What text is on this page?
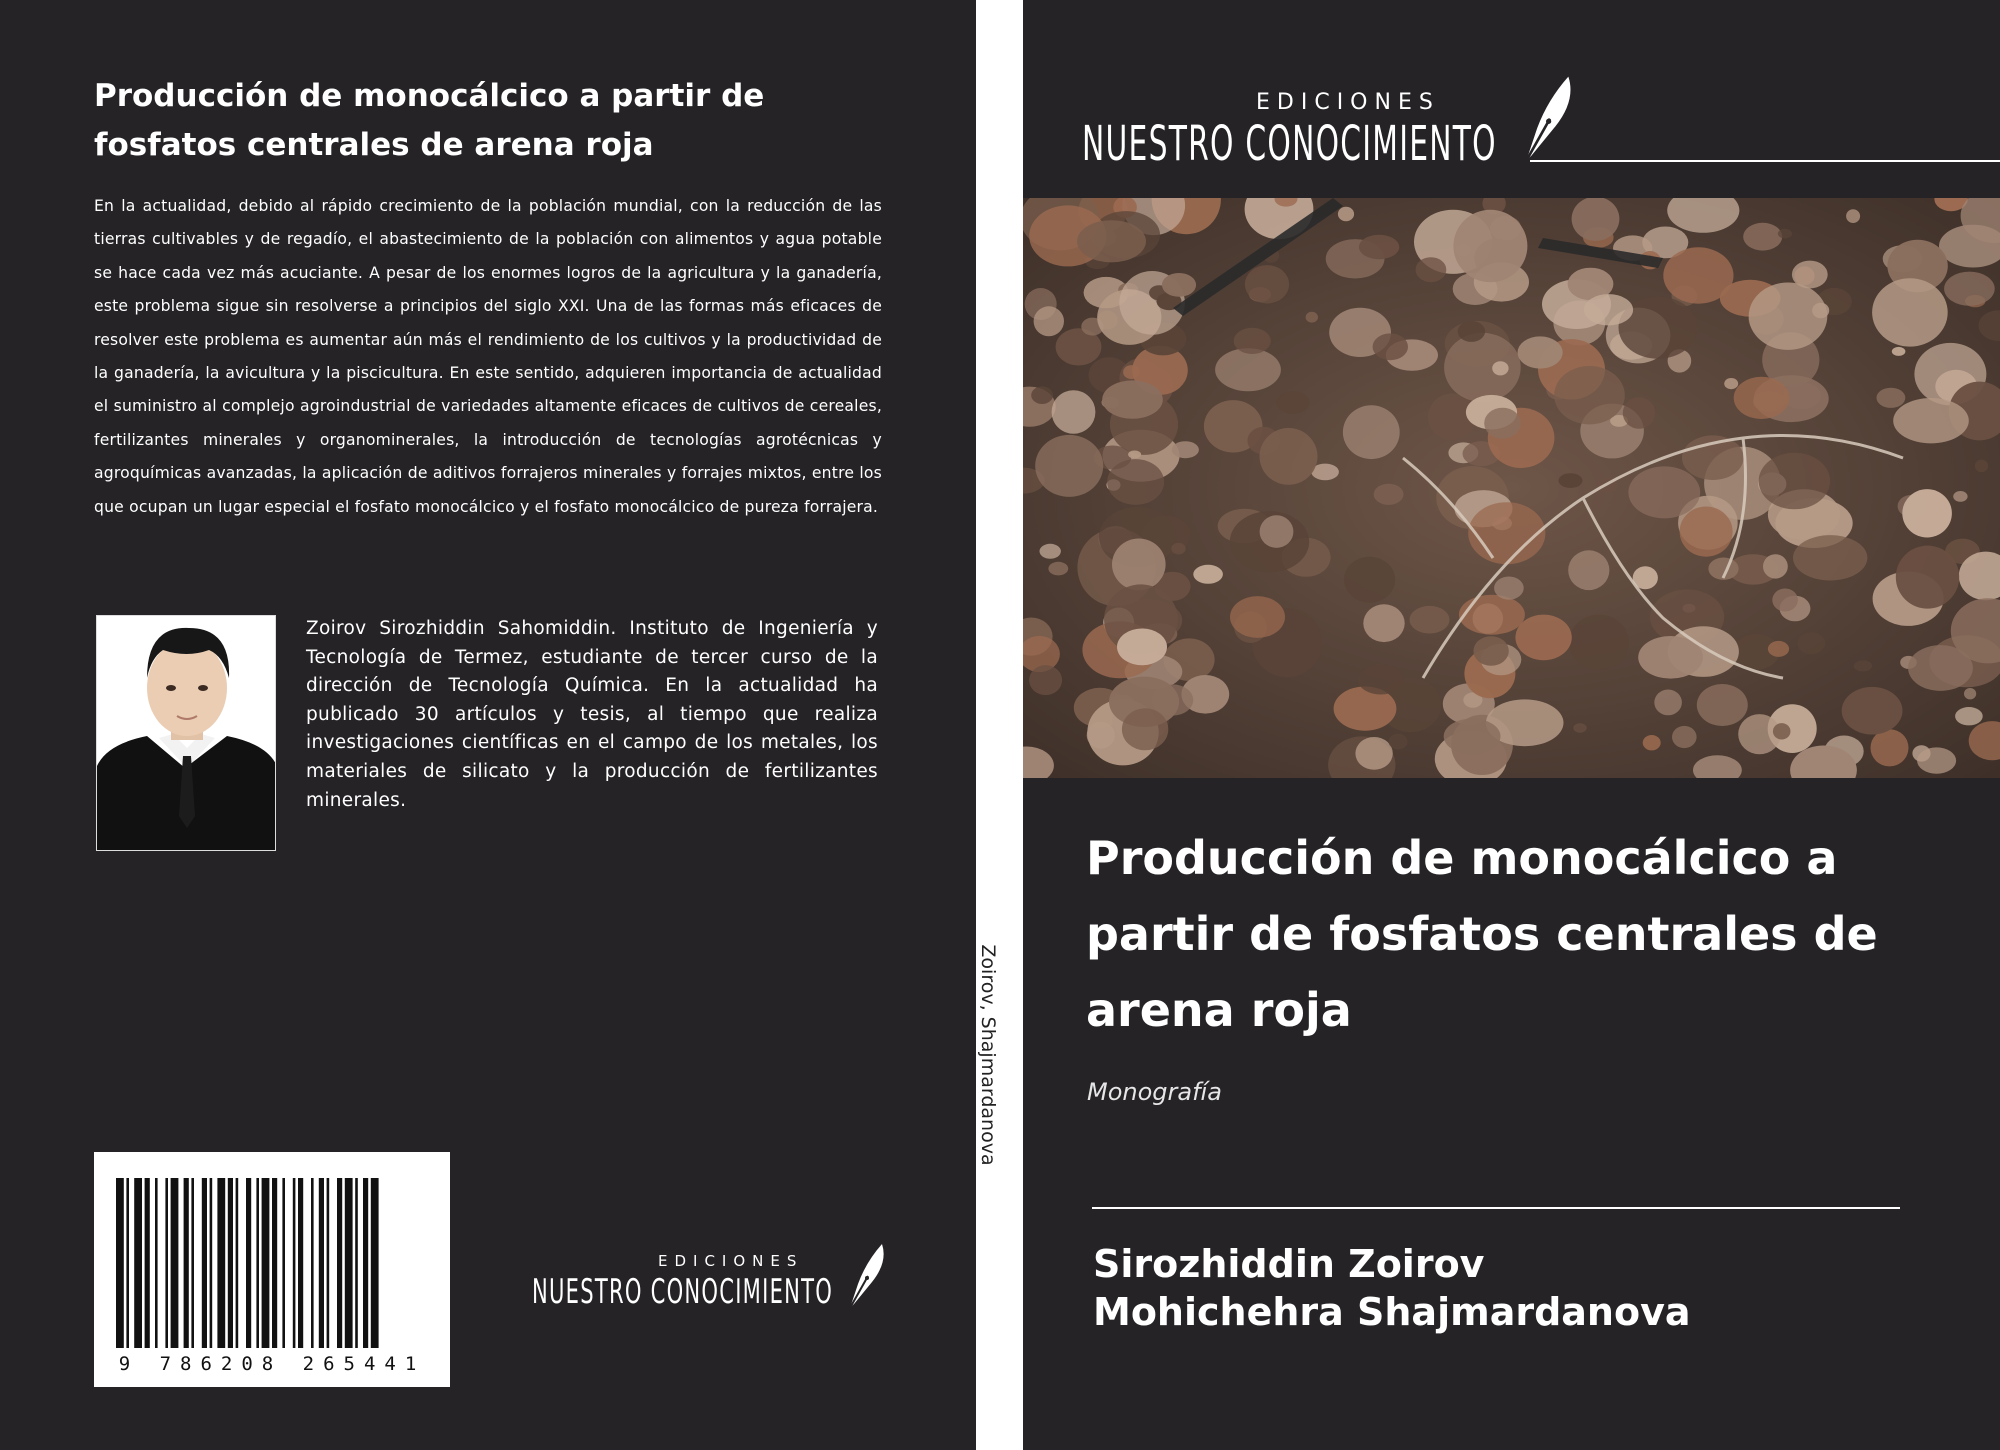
Producción de monocálcico a partir de fosfatos centrales de arena roja

En la actualidad, debido al rápido crecimiento de la población mundial, con la reducción de las tierras cultivables y de regadío, el abastecimiento de la población con alimentos y agua potable se hace cada vez más acuciante. A pesar de los enormes logros de la agricultura y la ganadería, este problema sigue sin resolverse a principios del siglo XXI. Una de las formas más eficaces de resolver este problema es aumentar aún más el rendimiento de los cultivos y la productividad de la ganadería, la avicultura y la piscicultura. En este sentido, adquieren importancia de actualidad el suministro al complejo agroindustrial de variedades altamente eficaces de cultivos de cereales, fertilizantes minerales y organominerales, la introducción de tecnologías agrotécnicas y agroquímicas avanzadas, la aplicación de aditivos forrajeros minerales y forrajes mixtos, entre los que ocupan un lugar especial el fosfato monocálcico y el fosfato monocálcico de pureza forrajera.

Zoirov Sirozhiddin Sahomiddin. Instituto de Ingeniería y Tecnología de Termez, estudiante de tercer curso de la dirección de Tecnología Química. En la actualidad ha publicado 30 artículos y tesis, al tiempo que realiza investigaciones científicas en el campo de los metales, los materiales de silicato y la producción de fertilizantes minerales.

9 786208 265441
EDICIONES
NUESTRO CONOCIMIENTO
Zoirov, Shajmardanova
EDICIONES
NUESTRO CONOCIMIENTO
Producción de monocálcico a partir de fosfatos centrales de arena roja
Monografía
Sirozhiddin Zoirov
Mohichehra Shajmardanova
